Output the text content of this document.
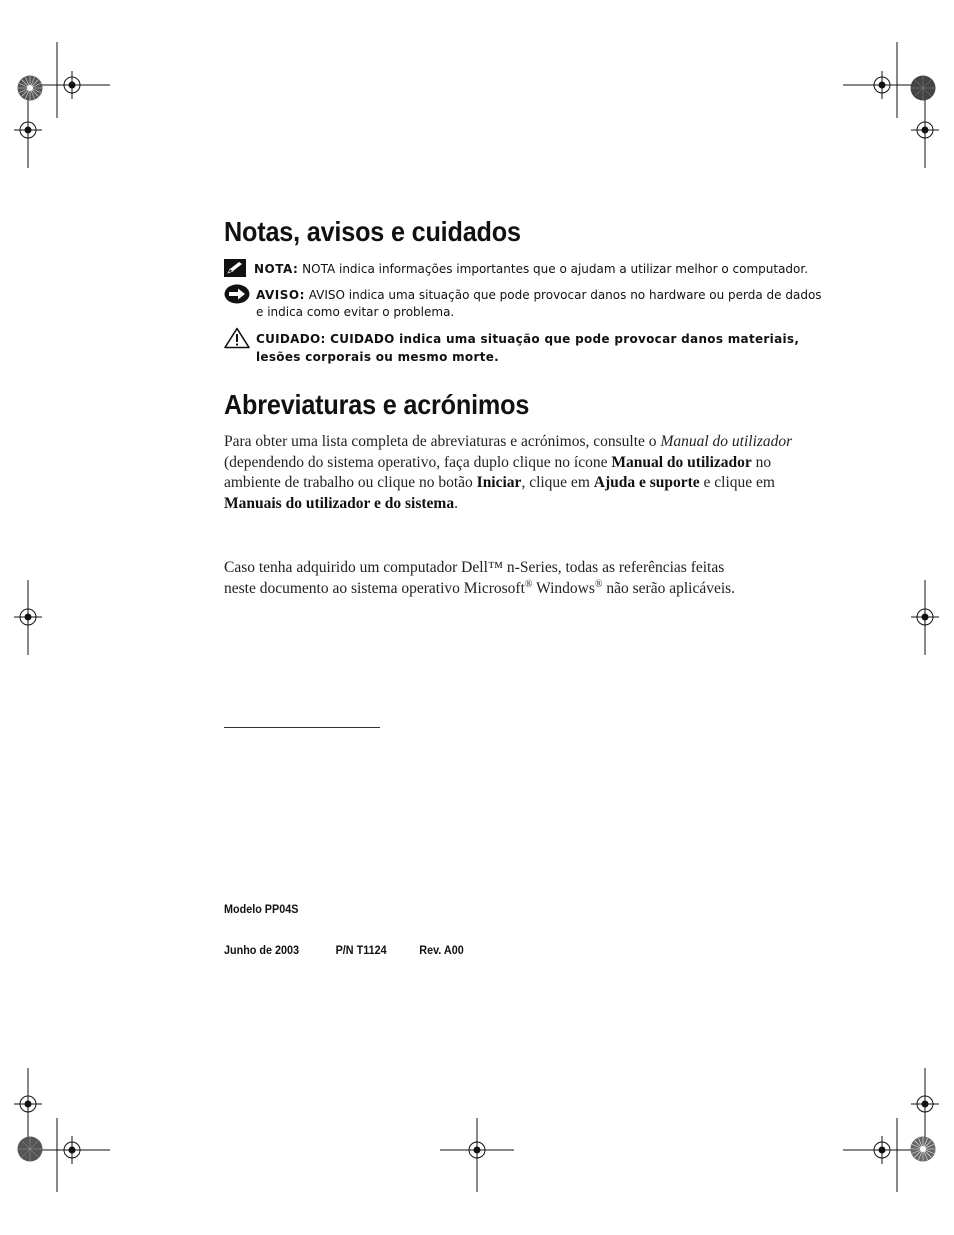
Notas, avisos e cuidados
NOTA: NOTA indica informações importantes que o ajudam a utilizar melhor o computador.
AVISO: AVISO indica uma situação que pode provocar danos no hardware ou perda de dados e indica como evitar o problema.
CUIDADO: CUIDADO indica uma situação que pode provocar danos materiais, lesões corporais ou mesmo morte.
Abreviaturas e acrónimos

Para obter uma lista completa de abreviaturas e acrónimos, consulte o Manual do utilizador (dependendo do sistema operativo, faça duplo clique no ícone Manual do utilizador no ambiente de trabalho ou clique no botão Iniciar, clique em Ajuda e suporte e clique em Manuais do utilizador e do sistema.

Caso tenha adquirido um computador Dell™ n-Series, todas as referências feitas
neste documento ao sistema operativo Microsoft® Windows® não serão aplicáveis.

Modelo PP04S
Junho de 2003	P/N T1124	Rev. A00
